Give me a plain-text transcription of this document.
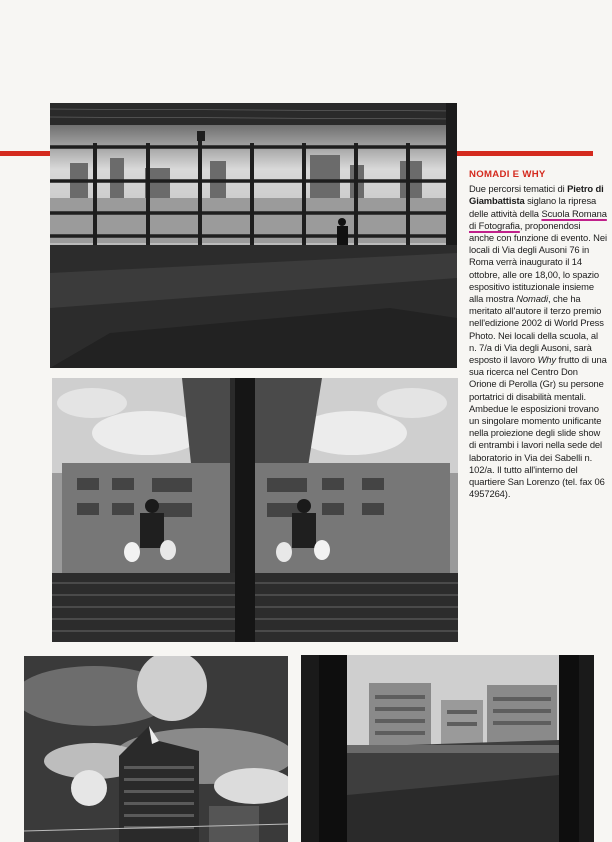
NOMADI E WHY
Due percorsi tematici di Pietro di Giambattista siglano la ripresa delle attività della Scuola Romana di Fotografia, proponendosi anche con funzione di evento. Nei locali di Via degli Ausoni 76 in Roma verrà inaugurato il 14 ottobre, alle ore 18,00, lo spazio espositivo istituzionale insieme alla mostra Nomadi, che ha meritato all'autore il terzo premio nell'edizione 2002 di World Press Photo. Nei locali della scuola, al n. 7/a di Via degli Ausoni, sarà esposto il lavoro Why frutto di una sua ricerca nel Centro Don Orione di Perolla (Gr) su persone portatrici di disabilità mentali. Ambedue le esposizioni trovano un singolare momento unificante nella proiezione degli slide show di entrambi i lavori nella sede del laboratorio in Via dei Sabelli n. 102/a. Il tutto all'interno del quartiere San Lorenzo (tel. fax 06 4957264).
